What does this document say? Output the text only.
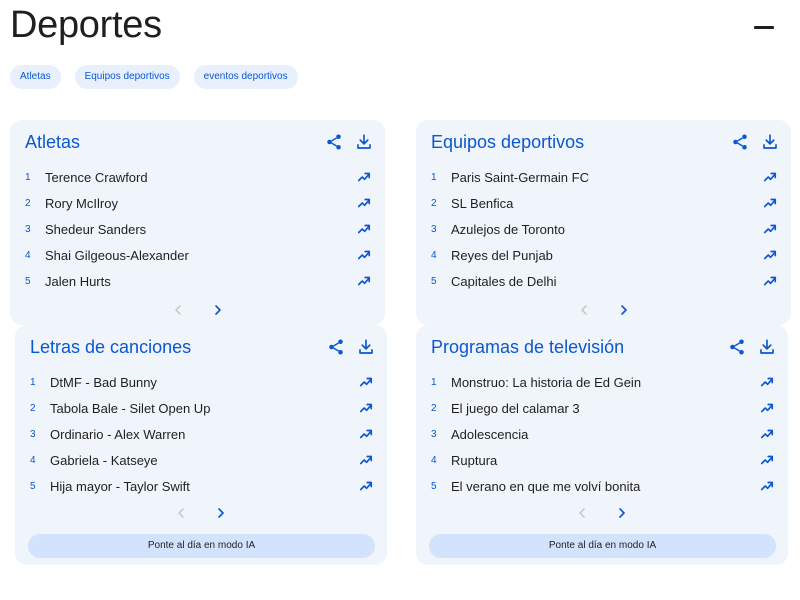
Deportes
Atletas	Equipos deportivos	eventos deportivos
Atletas
1	Terence Crawford
2	Rory McIlroy
3	Shedeur Sanders
4	Shai Gilgeous-Alexander
5	Jalen Hurts
Equipos deportivos
1	Paris Saint-Germain FC
2	SL Benfica
3	Azulejos de Toronto
4	Reyes del Punjab
5	Capitales de Delhi
Letras de canciones
1	DtMF - Bad Bunny
2	Tabola Bale - Silet Open Up
3	Ordinario - Alex Warren
4	Gabriela - Katseye
5	Hija mayor - Taylor Swift
Ponte al día en modo IA
Programas de televisión
1	Monstruo: La historia de Ed Gein
2	El juego del calamar 3
3	Adolescencia
4	Ruptura
5	El verano en que me volví bonita
Ponte al día en modo IA
